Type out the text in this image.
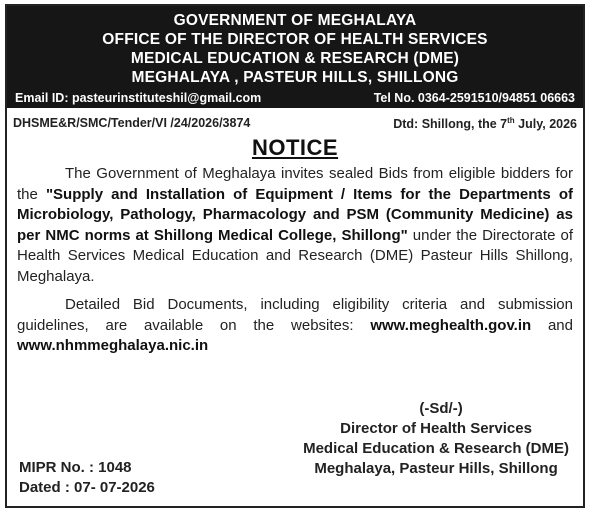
GOVERNMENT OF MEGHALAYA
OFFICE OF THE DIRECTOR OF HEALTH SERVICES
MEDICAL EDUCATION & RESEARCH (DME)
MEGHALAYA , PASTEUR HILLS, SHILLONG
Email ID: pasteurinstituteshil@gmail.com	Tel No. 0364-2591510/94851 06663
DHSME&R/SMC/Tender/VI /24/2026/3874	Dtd: Shillong, the 7th July, 2026
NOTICE

The Government of Meghalaya invites sealed Bids from eligible bidders for the "Supply and Installation of Equipment / Items for the Departments of Microbiology, Pathology, Pharmacology and PSM (Community Medicine) as per NMC norms at Shillong Medical College, Shillong" under the Directorate of Health Services Medical Education and Research (DME) Pasteur Hills Shillong, Meghalaya.

Detailed Bid Documents, including eligibility criteria and submission guidelines, are available on the websites: www.meghealth.gov.in and www.nhmmeghalaya.nic.in

(-Sd/-)
Director of Health Services
Medical Education & Research (DME)
Meghalaya, Pasteur Hills, Shillong
MIPR No. : 1048
Dated : 07- 07-2026
